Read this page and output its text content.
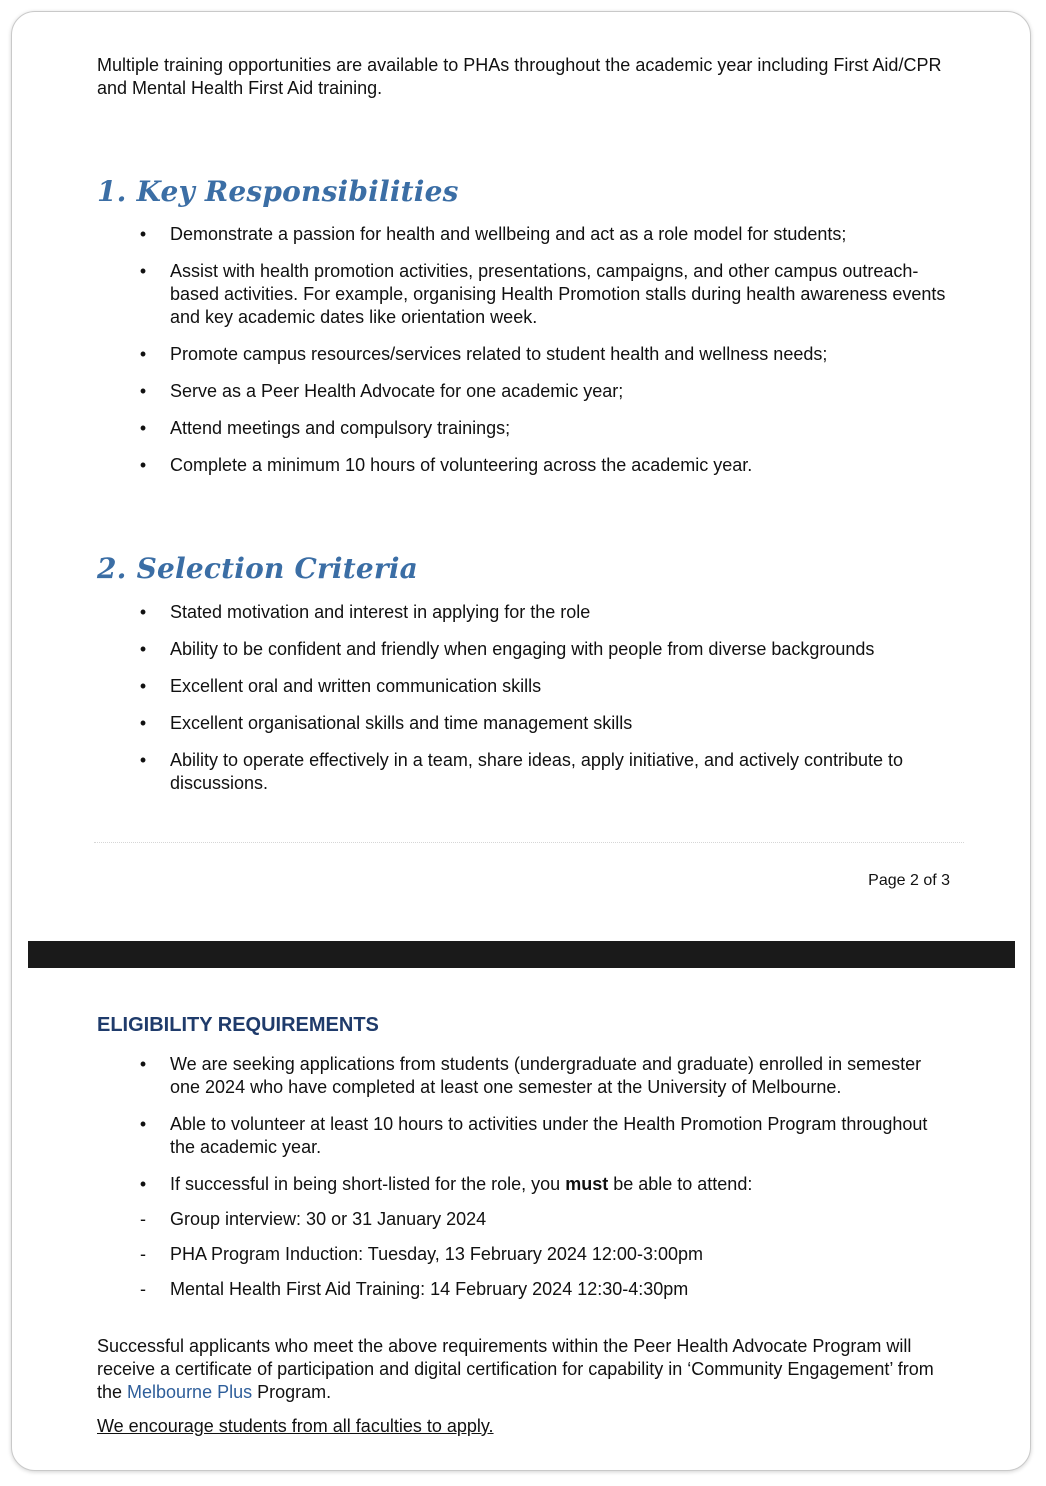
Multiple training opportunities are available to PHAs throughout the academic year including First Aid/CPR and Mental Health First Aid training.

1. Key Responsibilities
• Demonstrate a passion for health and wellbeing and act as a role model for students;
• Assist with health promotion activities, presentations, campaigns, and other campus outreach-based activities. For example, organising Health Promotion stalls during health awareness events and key academic dates like orientation week.
• Promote campus resources/services related to student health and wellness needs;
• Serve as a Peer Health Advocate for one academic year;
• Attend meetings and compulsory trainings;
• Complete a minimum 10 hours of volunteering across the academic year.
2. Selection Criteria
• Stated motivation and interest in applying for the role
• Ability to be confident and friendly when engaging with people from diverse backgrounds
• Excellent oral and written communication skills
• Excellent organisational skills and time management skills
• Ability to operate effectively in a team, share ideas, apply initiative, and actively contribute to discussions.
Page 2 of 3
ELIGIBILITY REQUIREMENTS
• We are seeking applications from students (undergraduate and graduate) enrolled in semester one 2024 who have completed at least one semester at the University of Melbourne.
• Able to volunteer at least 10 hours to activities under the Health Promotion Program throughout the academic year.
• If successful in being short-listed for the role, you must be able to attend:
- Group interview: 30 or 31 January 2024
- PHA Program Induction: Tuesday, 13 February 2024 12:00-3:00pm
- Mental Health First Aid Training: 14 February 2024 12:30-4:30pm

Successful applicants who meet the above requirements within the Peer Health Advocate Program will receive a certificate of participation and digital certification for capability in ‘Community Engagement’ from the Melbourne Plus Program.

We encourage students from all faculties to apply.
